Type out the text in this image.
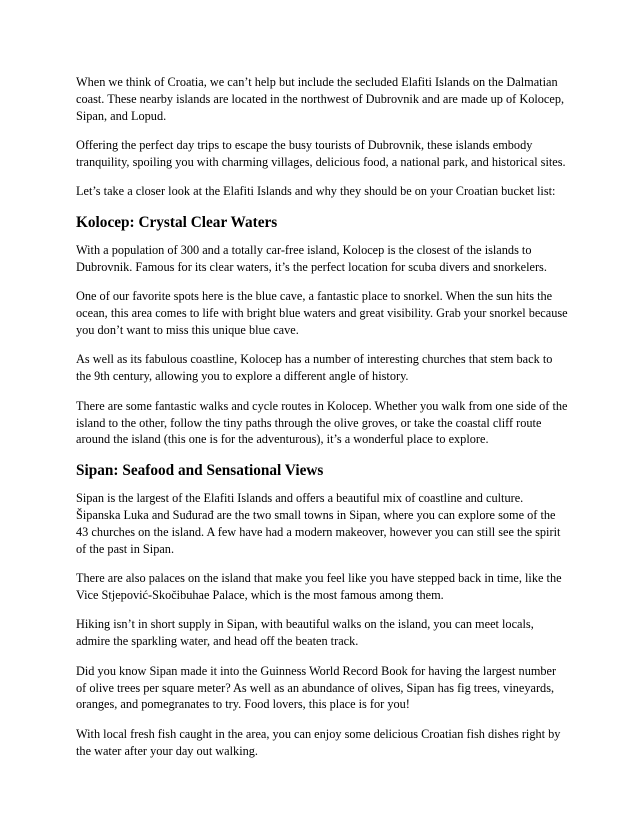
When we think of Croatia, we can’t help but include the secluded Elafiti Islands on the Dalmatian coast. These nearby islands are located in the northwest of Dubrovnik and are made up of Kolocep, Sipan, and Lopud.

Offering the perfect day trips to escape the busy tourists of Dubrovnik, these islands embody tranquility, spoiling you with charming villages, delicious food, a national park, and historical sites.

Let’s take a closer look at the Elafiti Islands and why they should be on your Croatian bucket list:

Kolocep: Crystal Clear Waters

With a population of 300 and a totally car-free island, Kolocep is the closest of the islands to Dubrovnik. Famous for its clear waters, it’s the perfect location for scuba divers and snorkelers.

One of our favorite spots here is the blue cave, a fantastic place to snorkel. When the sun hits the ocean, this area comes to life with bright blue waters and great visibility. Grab your snorkel because you don’t want to miss this unique blue cave.

As well as its fabulous coastline, Kolocep has a number of interesting churches that stem back to the 9th century, allowing you to explore a different angle of history.

There are some fantastic walks and cycle routes in Kolocep. Whether you walk from one side of the island to the other, follow the tiny paths through the olive groves, or take the coastal cliff route around the island (this one is for the adventurous), it’s a wonderful place to explore.

Sipan: Seafood and Sensational Views

Sipan is the largest of the Elafiti Islands and offers a beautiful mix of coastline and culture. Šipanska Luka and Suđurađ are the two small towns in Sipan, where you can explore some of the 43 churches on the island. A few have had a modern makeover, however you can still see the spirit of the past in Sipan.

There are also palaces on the island that make you feel like you have stepped back in time, like the Vice Stjepović-Skočibuhae Palace, which is the most famous among them.

Hiking isn’t in short supply in Sipan, with beautiful walks on the island, you can meet locals, admire the sparkling water, and head off the beaten track.

Did you know Sipan made it into the Guinness World Record Book for having the largest number of olive trees per square meter? As well as an abundance of olives, Sipan has fig trees, vineyards, oranges, and pomegranates to try. Food lovers, this place is for you!

With local fresh fish caught in the area, you can enjoy some delicious Croatian fish dishes right by the water after your day out walking.
